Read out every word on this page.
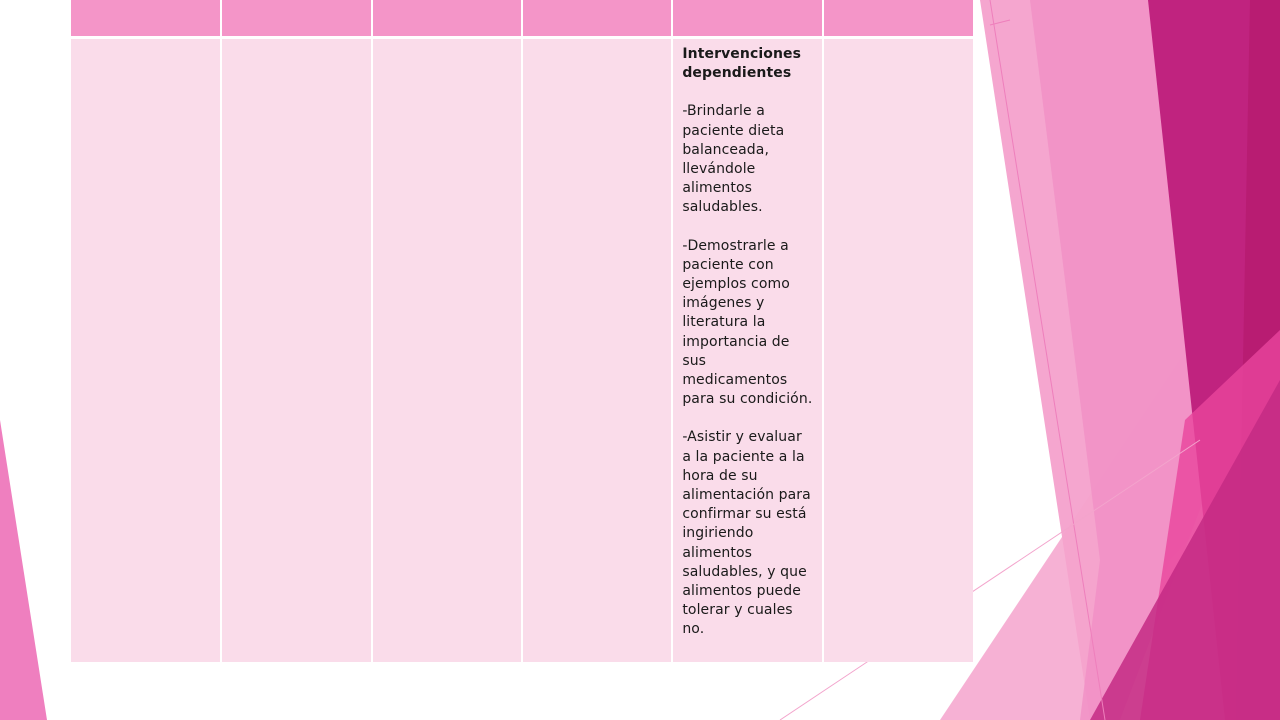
				Intervenciones dependientes

-Brindarle a paciente dieta balanceada, llevándole alimentos saludables.

-Demostrarle a paciente con ejemplos como imágenes y literatura la importancia de sus medicamentos para su condición.

-Asistir y evaluar a la paciente a la hora de su alimentación para confirmar su está ingiriendo alimentos saludables, y que alimentos puede tolerar y cuales no.	
